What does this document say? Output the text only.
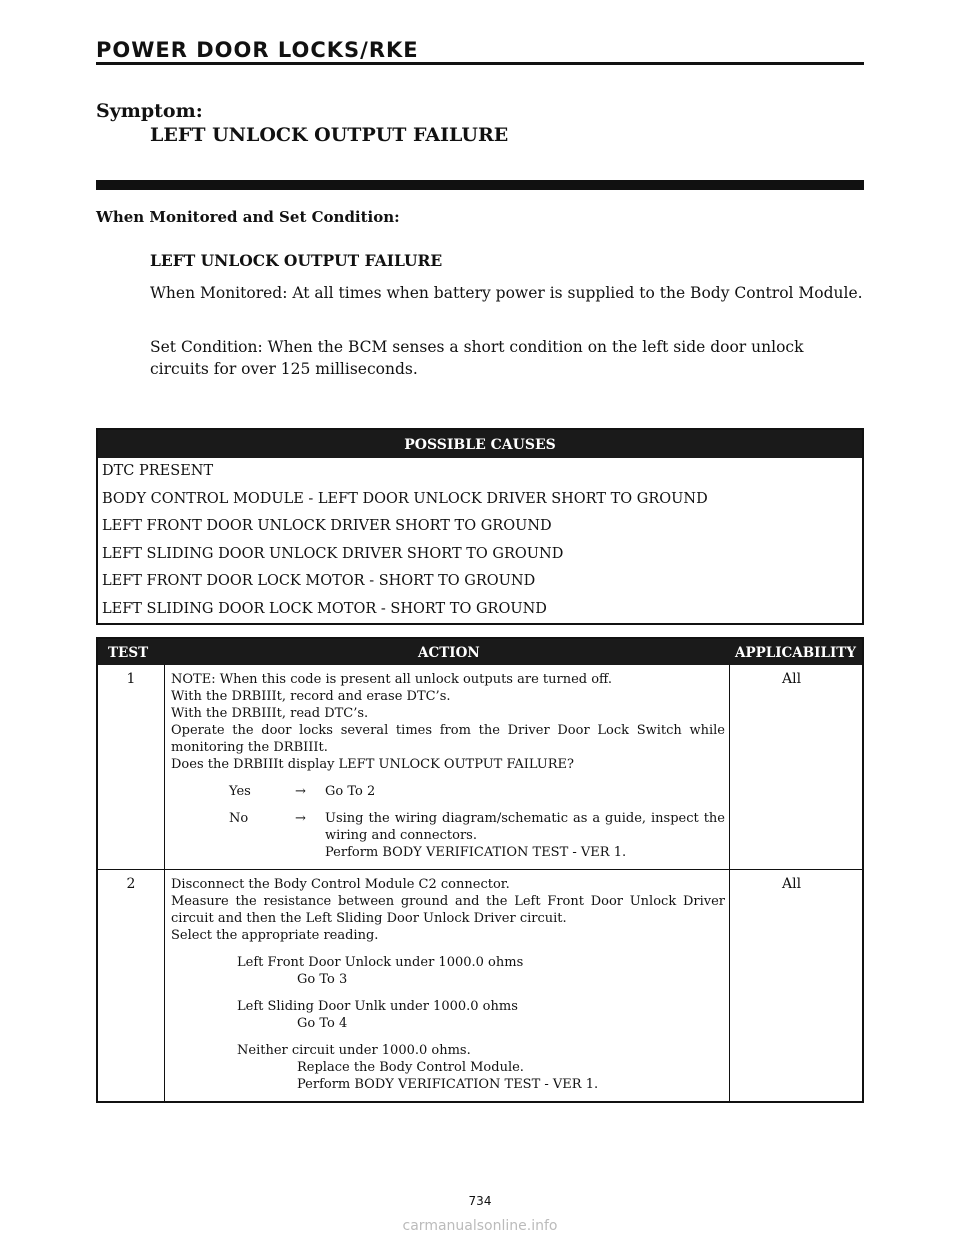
POWER DOOR LOCKS/RKE
Symptom:
LEFT UNLOCK OUTPUT FAILURE
When Monitored and Set Condition:
LEFT UNLOCK OUTPUT FAILURE
When Monitored: At all times when battery power is supplied to the Body Control Module.
Set Condition: When the BCM senses a short condition on the left side door unlock circuits for over 125 milliseconds.
POSSIBLE CAUSES
DTC PRESENT
BODY CONTROL MODULE - LEFT DOOR UNLOCK DRIVER SHORT TO GROUND
LEFT FRONT DOOR UNLOCK DRIVER SHORT TO GROUND
LEFT SLIDING DOOR UNLOCK DRIVER SHORT TO GROUND
LEFT FRONT DOOR LOCK MOTOR - SHORT TO GROUND
LEFT SLIDING DOOR LOCK MOTOR - SHORT TO GROUND
TEST	ACTION	APPLICABILITY
1	NOTE: When this code is present all unlock outputs are turned off.
With the DRBIIIt, record and erase DTC’s.
With the DRBIIIt, read DTC’s.
Operate the door locks several times from the Driver Door Lock Switch while
monitoring the DRBIIIt.
Does the DRBIIIt display LEFT UNLOCK OUTPUT FAILURE?
Yes	→	Go To 2
No	→	Using the wiring diagram/schematic as a guide, inspect the
wiring and connectors.
Perform BODY VERIFICATION TEST - VER 1.
All
2	Disconnect the Body Control Module C2 connector.
Measure the resistance between ground and the Left Front Door Unlock Driver
circuit and then the Left Sliding Door Unlock Driver circuit.
Select the appropriate reading.
Left Front Door Unlock under 1000.0 ohms
Go To 3
Left Sliding Door Unlk under 1000.0 ohms
Go To 4
Neither circuit under 1000.0 ohms.
Replace the Body Control Module.
Perform BODY VERIFICATION TEST - VER 1.
All
734
carmanualsonline.info
